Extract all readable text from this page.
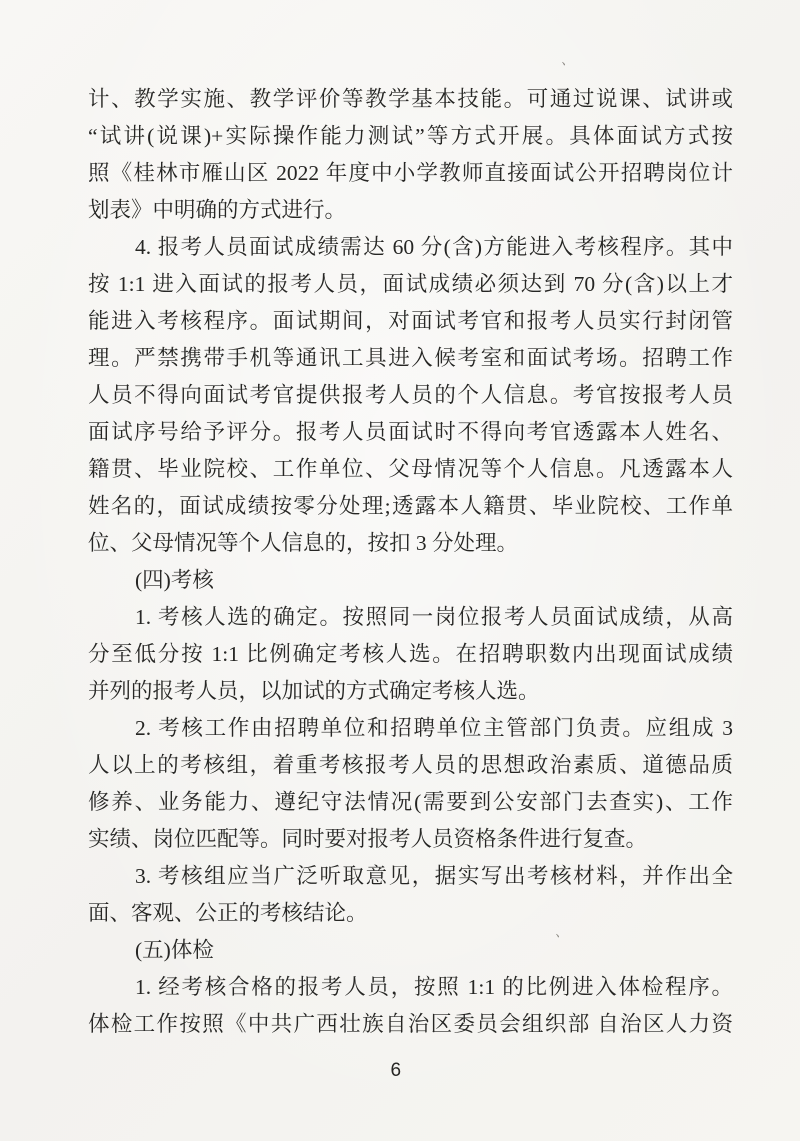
计、教学实施、教学评价等教学基本技能。可通过说课、试讲或
“试讲(说课)+实际操作能力测试”等方式开展。具体面试方式按
照《桂林市雁山区 2022 年度中小学教师直接面试公开招聘岗位计
划表》中明确的方式进行。
4. 报考人员面试成绩需达 60 分(含)方能进入考核程序。其中
按 1:1 进入面试的报考人员，面试成绩必须达到 70 分(含)以上才
能进入考核程序。面试期间，对面试考官和报考人员实行封闭管
理。严禁携带手机等通讯工具进入候考室和面试考场。招聘工作
人员不得向面试考官提供报考人员的个人信息。考官按报考人员
面试序号给予评分。报考人员面试时不得向考官透露本人姓名、
籍贯、毕业院校、工作单位、父母情况等个人信息。凡透露本人
姓名的，面试成绩按零分处理;透露本人籍贯、毕业院校、工作单
位、父母情况等个人信息的，按扣 3 分处理。
(四)考核
1. 考核人选的确定。按照同一岗位报考人员面试成绩，从高
分至低分按 1:1 比例确定考核人选。在招聘职数内出现面试成绩
并列的报考人员，以加试的方式确定考核人选。
2. 考核工作由招聘单位和招聘单位主管部门负责。应组成 3
人以上的考核组，着重考核报考人员的思想政治素质、道德品质
修养、业务能力、遵纪守法情况(需要到公安部门去查实)、工作
实绩、岗位匹配等。同时要对报考人员资格条件进行复查。
3. 考核组应当广泛听取意见，据实写出考核材料，并作出全
面、客观、公正的考核结论。
(五)体检
1. 经考核合格的报考人员，按照 1:1 的比例进入体检程序。
体检工作按照《中共广西壮族自治区委员会组织部 自治区人力资
、
、
6
